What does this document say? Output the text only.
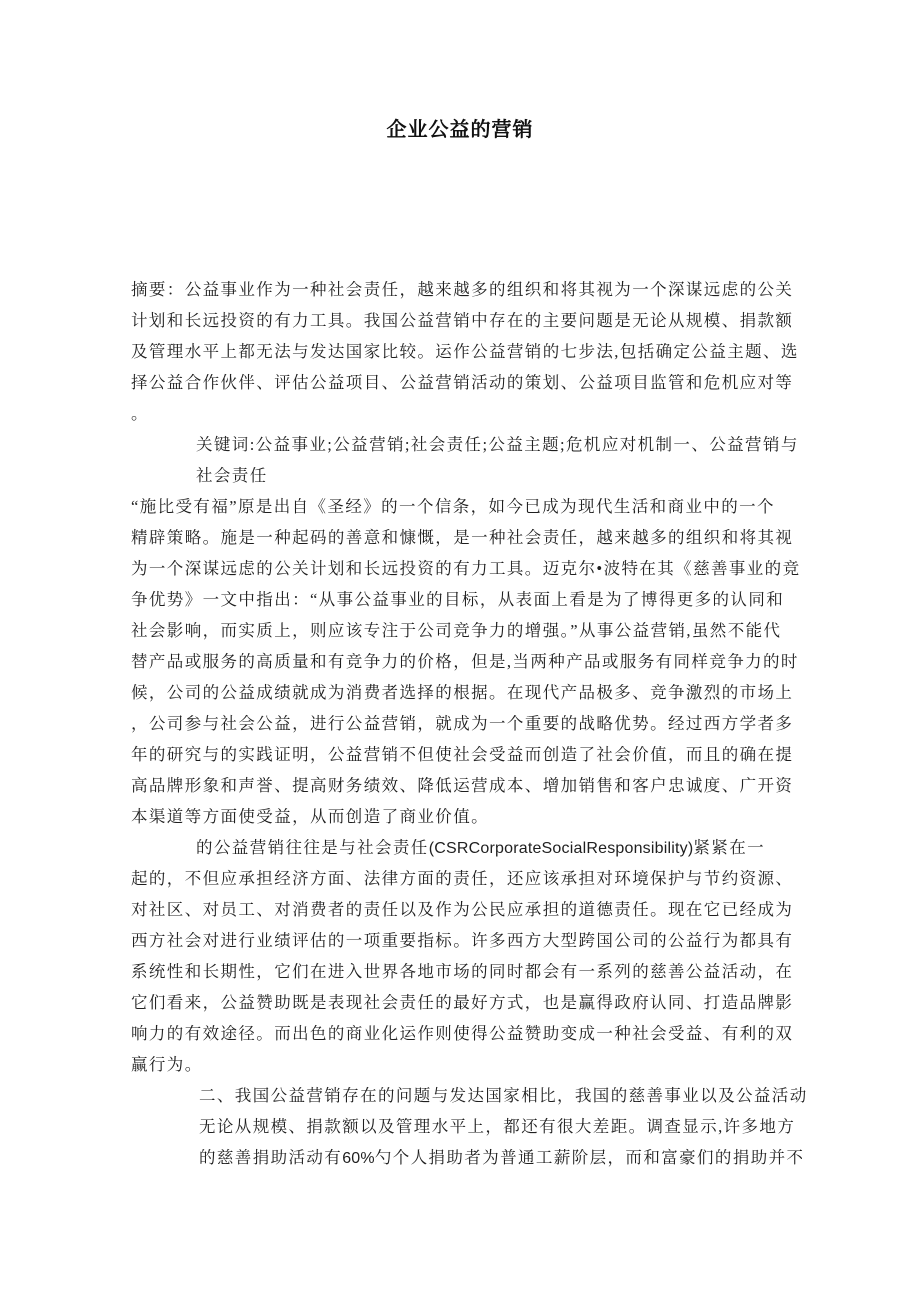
企业公益的营销
摘要：公益事业作为一种社会责任，越来越多的组织和将其视为一个深谋远虑的公关
计划和长远投资的有力工具。我国公益营销中存在的主要问题是无论从规模、捐款额
及管理水平上都无法与发达国家比较。运作公益营销的七步法,包括确定公益主题、选
择公益合作伙伴、评估公益项目、公益营销活动的策划、公益项目监管和危机应对等
。
关键词:公益事业;公益营销;社会责任;公益主题;危机应对机制一、公益营销与
社会责任
“施比受有福”原是出自《圣经》的一个信条，如今已成为现代生活和商业中的一个
精辟策略。施是一种起码的善意和慷慨，是一种社会责任，越来越多的组织和将其视
为一个深谋远虑的公关计划和长远投资的有力工具。迈克尔•波特在其《慈善事业的竞
争优势》一文中指出：“从事公益事业的目标，从表面上看是为了博得更多的认同和
社会影响，而实质上，则应该专注于公司竞争力的增强。”从事公益营销,虽然不能代
替产品或服务的高质量和有竞争力的价格，但是,当两种产品或服务有同样竞争力的时
候，公司的公益成绩就成为消费者选择的根据。在现代产品极多、竞争激烈的市场上
，公司参与社会公益，进行公益营销，就成为一个重要的战略优势。经过西方学者多
年的研究与的实践证明，公益营销不但使社会受益而创造了社会价值，而且的确在提
高品牌形象和声誉、提高财务绩效、降低运营成本、增加销售和客户忠诚度、广开资
本渠道等方面使受益，从而创造了商业价值。
的公益营销往往是与社会责任(CSRCorporateSocialResponsibility)紧紧在一
起的，不但应承担经济方面、法律方面的责任，还应该承担对环境保护与节约资源、
对社区、对员工、对消费者的责任以及作为公民应承担的道德责任。现在它已经成为
西方社会对进行业绩评估的一项重要指标。许多西方大型跨国公司的公益行为都具有
系统性和长期性，它们在进入世界各地市场的同时都会有一系列的慈善公益活动，在
它们看来，公益赞助既是表现社会责任的最好方式，也是赢得政府认同、打造品牌影
响力的有效途径。而出色的商业化运作则使得公益赞助变成一种社会受益、有利的双
赢行为。
二、我国公益营销存在的问题与发达国家相比，我国的慈善事业以及公益活动
无论从规模、捐款额以及管理水平上，都还有很大差距。调查显示,许多地方
的慈善捐助活动有60%勺个人捐助者为普通工薪阶层，而和富豪们的捐助并不
